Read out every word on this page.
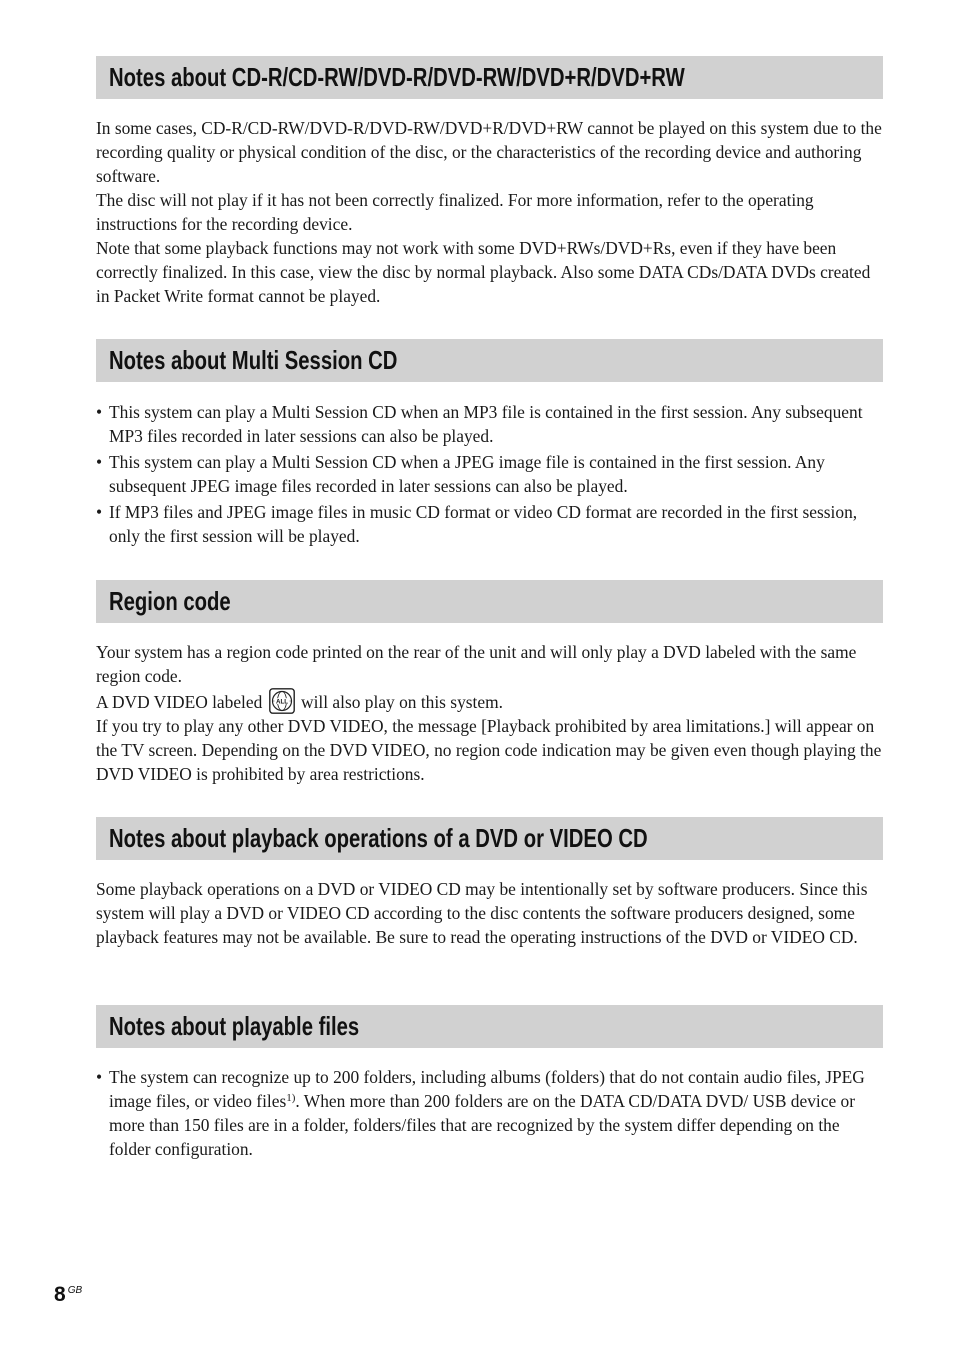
Notes about CD-R/CD-RW/DVD-R/DVD-RW/DVD+R/DVD+RW

In some cases, CD-R/CD-RW/DVD-R/DVD-RW/DVD+R/DVD+RW cannot be played on this system due to the recording quality or physical condition of the disc, or the characteristics of the recording device and authoring software.

The disc will not play if it has not been correctly finalized. For more information, refer to the operating instructions for the recording device.

Note that some playback functions may not work with some DVD+RWs/DVD+Rs, even if they have been correctly finalized. In this case, view the disc by normal playback. Also some DATA CDs/DATA DVDs created in Packet Write format cannot be played.

Notes about Multi Session CD
• This system can play a Multi Session CD when an MP3 file is contained in the first session. Any subsequent MP3 files recorded in later sessions can also be played.
• This system can play a Multi Session CD when a JPEG image file is contained in the first session. Any subsequent JPEG image files recorded in later sessions can also be played.
• If MP3 files and JPEG image files in music CD format or video CD format are recorded in the first session, only the first session will be played.
Region code

Your system has a region code printed on the rear of the unit and will only play a DVD labeled with the same region code.

A DVD VIDEO labeled ALL will also play on this system.

If you try to play any other DVD VIDEO, the message [Playback prohibited by area limitations.] will appear on the TV screen. Depending on the DVD VIDEO, no region code indication may be given even though playing the DVD VIDEO is prohibited by area restrictions.

Notes about playback operations of a DVD or VIDEO CD

Some playback operations on a DVD or VIDEO CD may be intentionally set by software producers. Since this system will play a DVD or VIDEO CD according to the disc contents the software producers designed, some playback features may not be available. Be sure to read the operating instructions of the DVD or VIDEO CD.

Notes about playable files
• The system can recognize up to 200 folders, including albums (folders) that do not contain audio files, JPEG image files, or video files$^{1)}$. When more than 200 folders are on the DATA CD/DATA DVD/ USB device or more than 150 files are in a folder, folders/files that are recognized by the system differ depending on the folder configuration.
8 GB
